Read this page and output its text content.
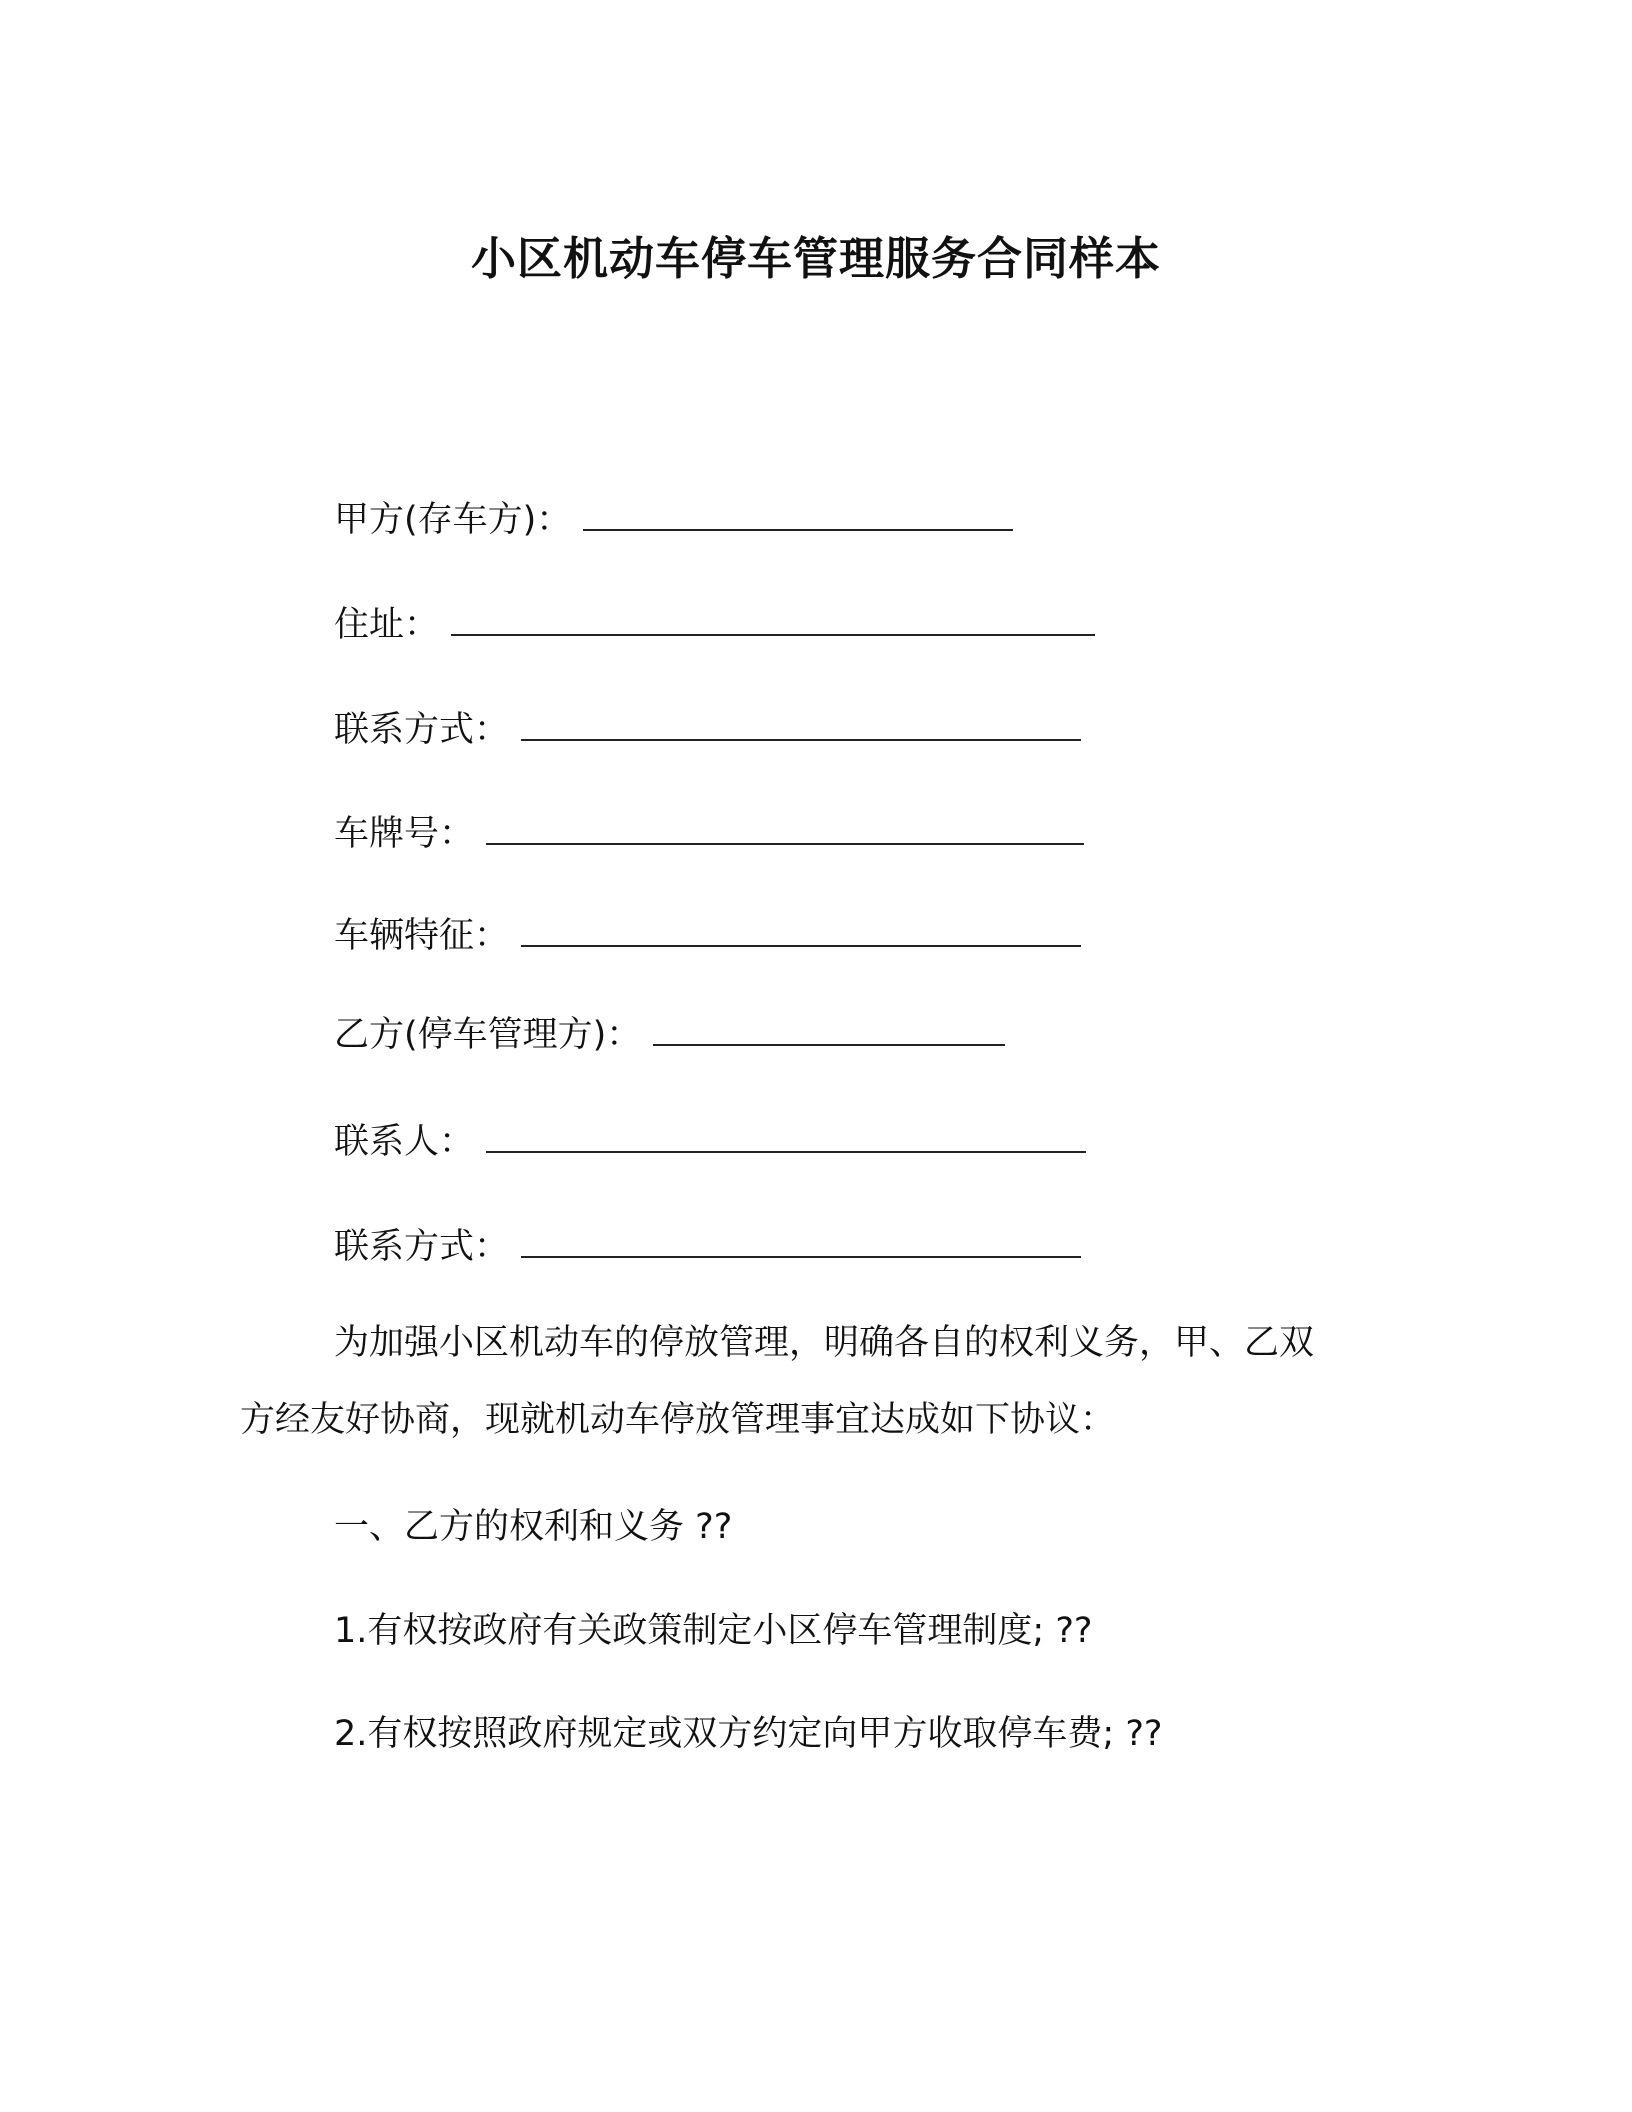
小区机动车停车管理服务合同样本
甲方(存车方)：
住址：
联系方式：
车牌号：
车辆特征：
乙方(停车管理方)：
联系人：
联系方式：
为加强小区机动车的停放管理，明确各自的权利义务，甲、乙双
方经友好协商，现就机动车停放管理事宜达成如下协议：
一、乙方的权利和义务 ??
1.有权按政府有关政策制定小区停车管理制度; ??
2.有权按照政府规定或双方约定向甲方收取停车费; ??
